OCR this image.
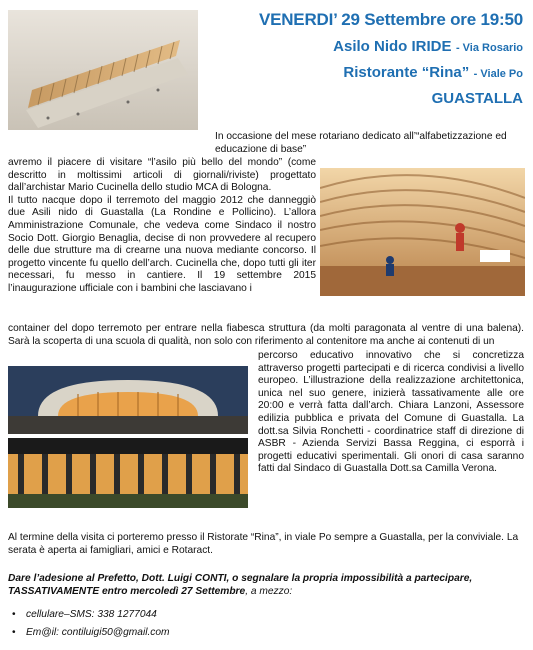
VENERDI’ 29 Settembre ore 19:50
Asilo Nido IRIDE - Via Rosario
Ristorante “Rina” - Viale Po
GUASTALLA
In occasione del mese rotariano dedicato all’“alfabetizzazione ed educazione di base”

avremo il piacere di visitare “l’asilo più bello del mondo” (come descritto in moltissimi articoli di giornali/riviste) progettato dall’archistar Mario Cucinella dello studio MCA di Bologna.

Il tutto nacque dopo il terremoto del maggio 2012 che danneggiò due Asili nido di Guastalla (La Rondine e Pollicino). L’allora Amministrazione Comunale, che vedeva come Sindaco il nostro Socio Dott. Giorgio Benaglia, decise di non provvedere al recupero delle due strutture ma di crearne una nuova mediante concorso. Il progetto vincente fu quello dell’arch. Cucinella che, dopo tutti gli iter necessari, fu messo in cantiere. Il 19 settembre 2015 l’inaugurazione ufficiale con i bambini che lasciavano i

container del dopo terremoto per entrare nella fiabesca struttura (da molti paragonata al ventre di una balena). Sarà la scoperta di una scuola di qualità, non solo con riferimento al contenitore ma anche ai contenuti di un
percorso educativo innovativo che si concretizza attraverso progetti partecipati e di ricerca condivisi a livello europeo. L’illustrazione della realizzazione architettonica, unica nel suo genere, inizierà tassativamente alle ore 20:00 e verrà fatta dall’arch. Chiara Lanzoni, Assessore edilizia pubblica e privata del Comune di Guastalla. La dott.sa Silvia Ronchetti - coordinatrice staff di direzione di ASBR - Azienda Servizi Bassa Reggina, ci esporrà i progetti educativi sperimentali. Gli onori di casa saranno fatti dal Sindaco di Guastalla Dott.sa Camilla Verona.
Al termine della visita ci porteremo presso il Ristorate “Rina”, in viale Po sempre a Guastalla, per la conviviale. La serata è aperta ai famigliari, amici e Rotaract.
Dare l’adesione al Prefetto, Dott. Luigi CONTI, o segnalare la propria impossibilità a partecipare, TASSATIVAMENTE entro mercoledì 27 Settembre, a mezzo:
• cellulare–SMS: 338 1277044
• Em@il: contiluigi50@gmail.com
